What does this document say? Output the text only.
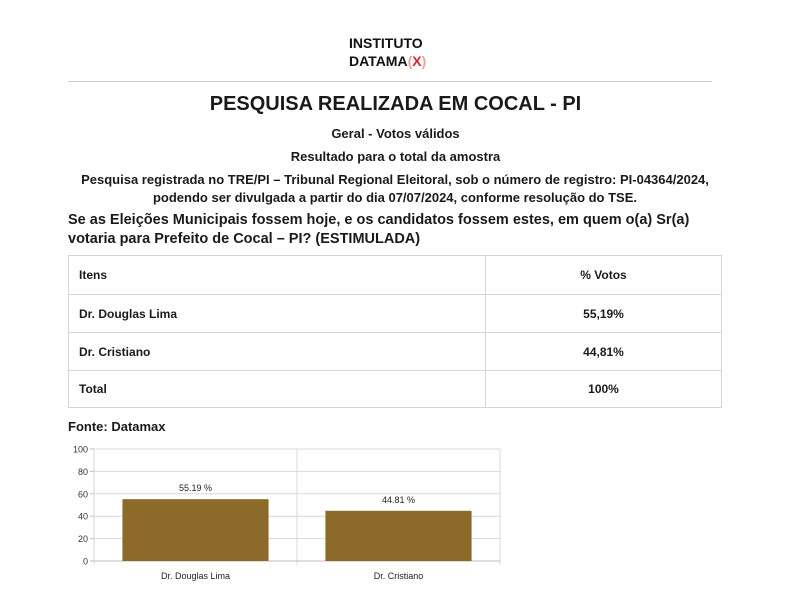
INSTITUTO
DATAMA(X)
PESQUISA REALIZADA EM COCAL - PI
Geral - Votos válidos
Resultado para o total da amostra
Pesquisa registrada no TRE/PI – Tribunal Regional Eleitoral, sob o número de registro: PI-04364/2024, podendo ser divulgada a partir do dia 07/07/2024, conforme resolução do TSE.
Se as Eleições Municipais fossem hoje, e os candidatos fossem estes, em quem o(a) Sr(a) votaria para Prefeito de Cocal – PI? (ESTIMULADA)
Itens	% Votos
Dr. Douglas Lima	55,19%
Dr. Cristiano	44,81%
Total	100%
Fonte: Datamax
0
20
40
60
80
100
55.19 %
Dr. Douglas Lima
44.81 %
Dr. Cristiano
